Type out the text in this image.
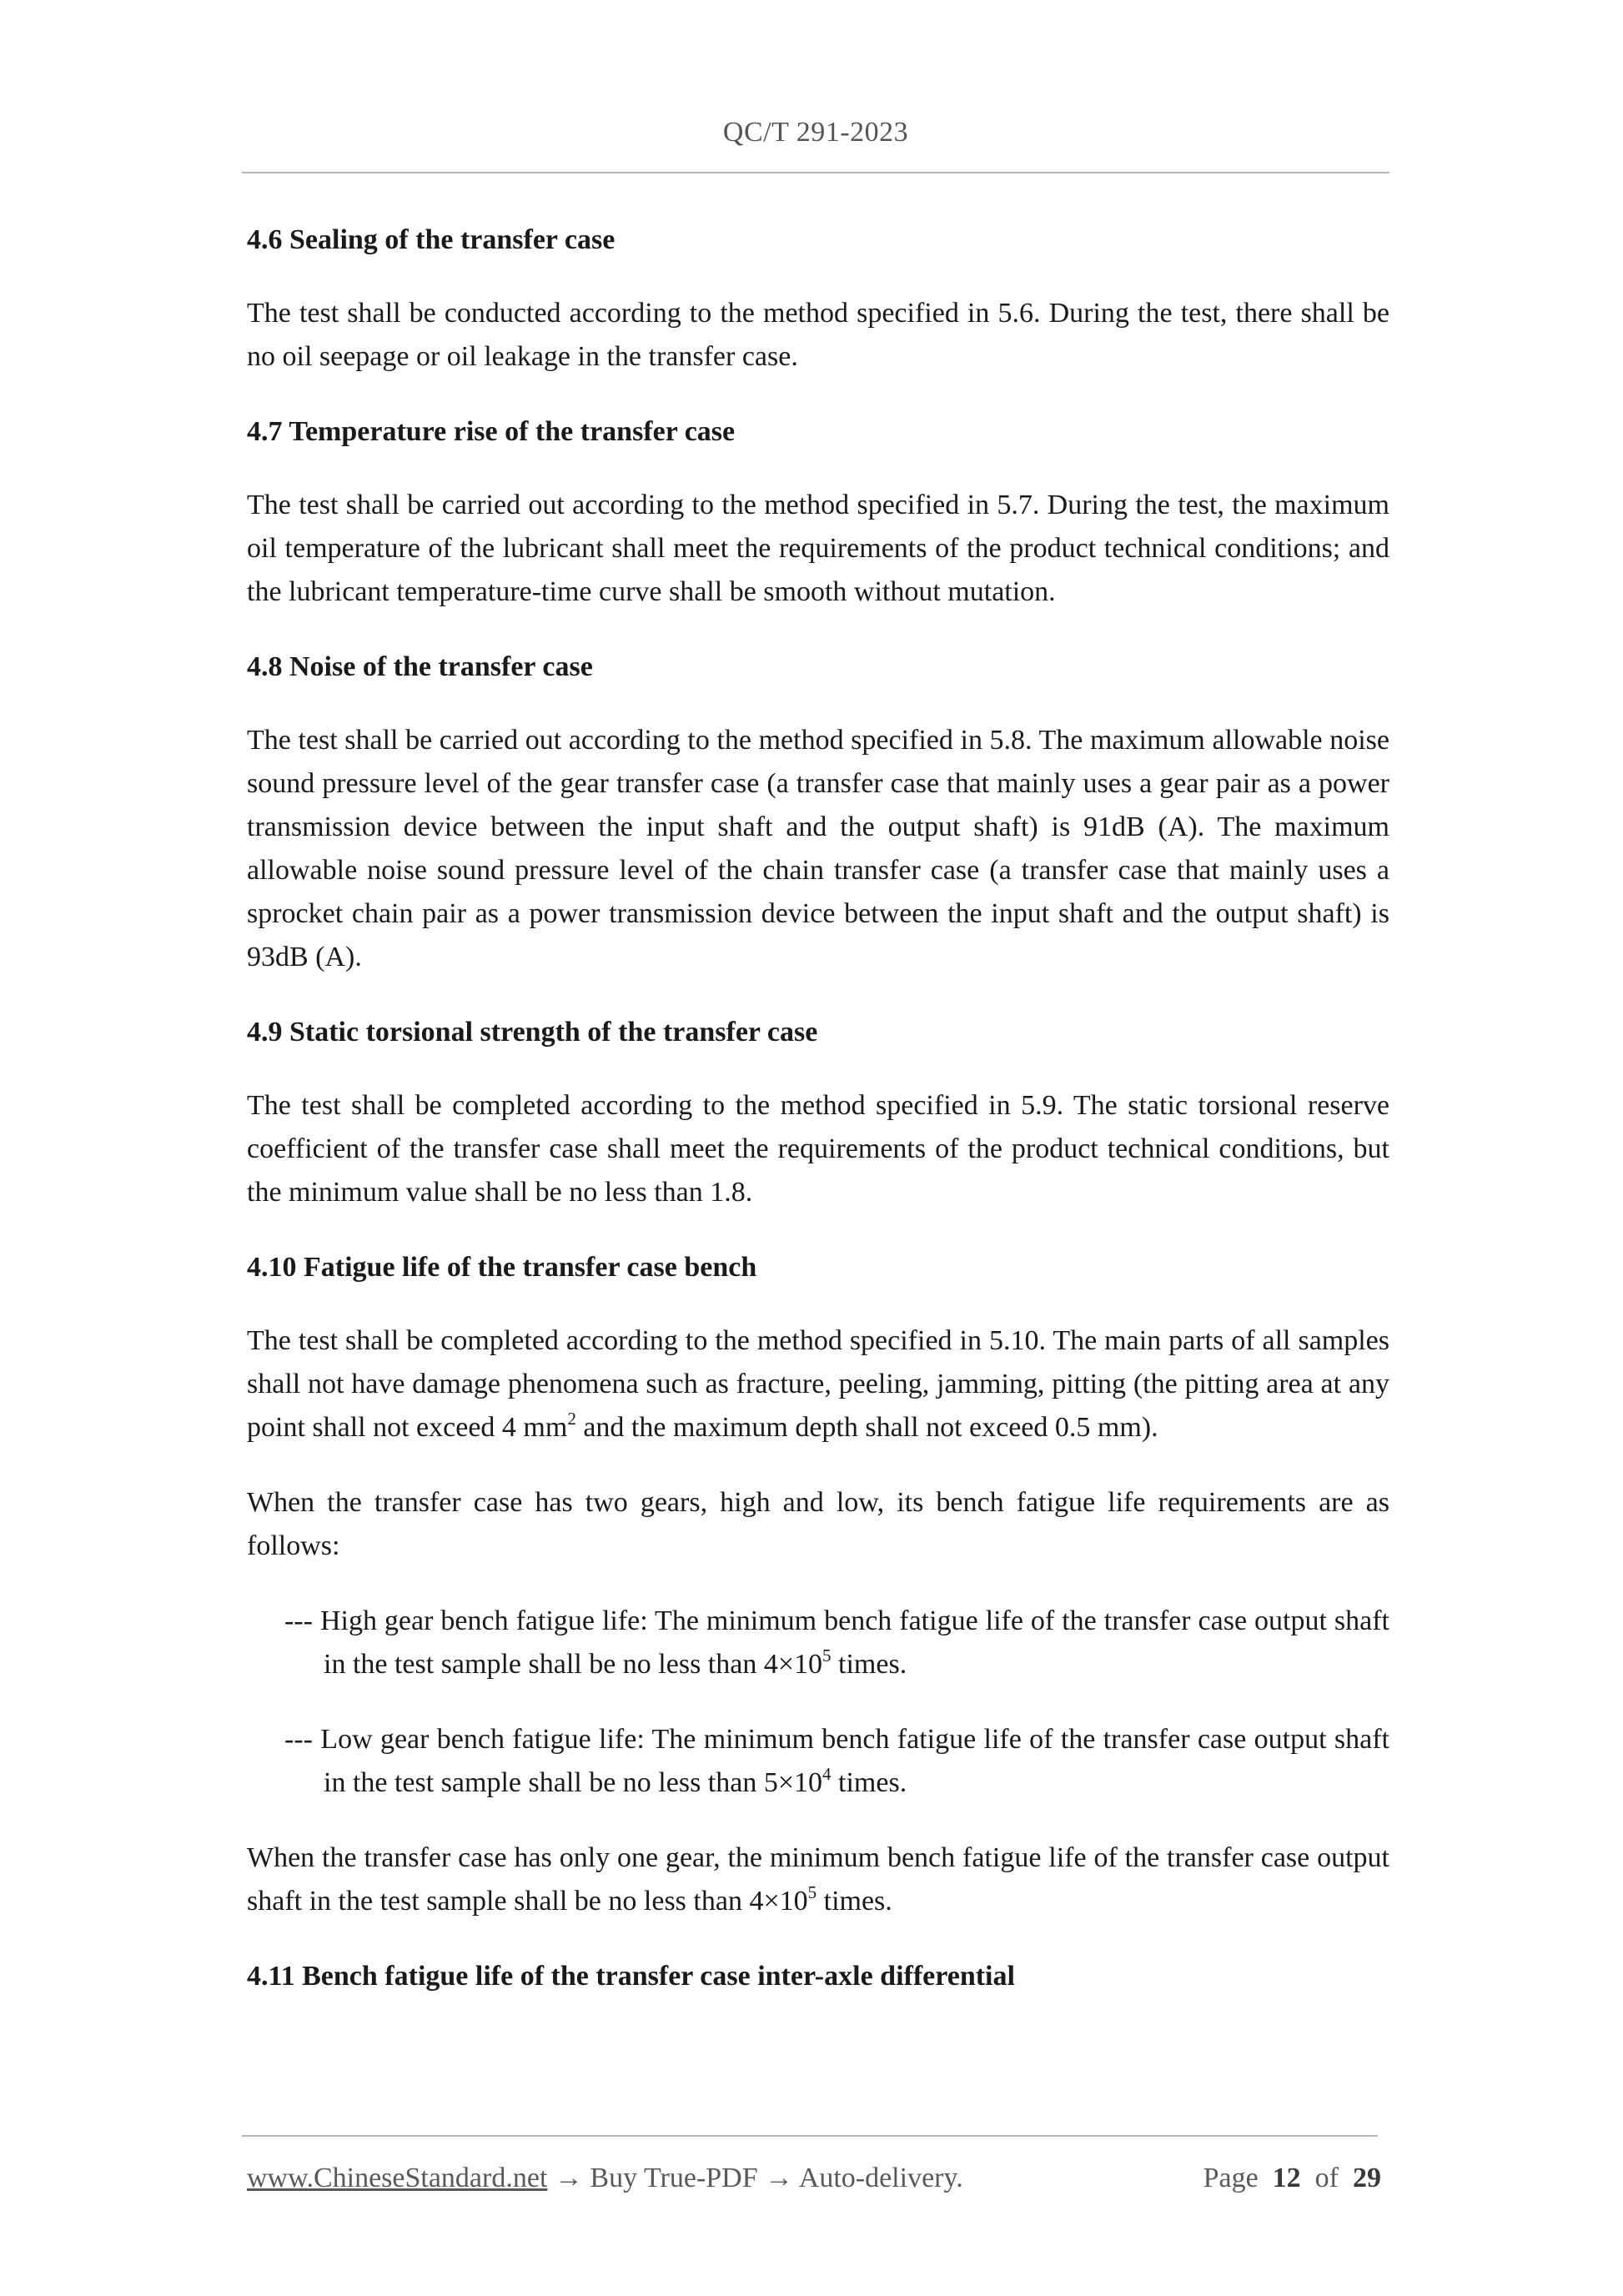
QC/T 291-2023
4.6 Sealing of the transfer case

The test shall be conducted according to the method specified in 5.6. During the test, there shall be no oil seepage or oil leakage in the transfer case.

4.7 Temperature rise of the transfer case

The test shall be carried out according to the method specified in 5.7. During the test, the maximum oil temperature of the lubricant shall meet the requirements of the product technical conditions; and the lubricant temperature-time curve shall be smooth without mutation.

4.8 Noise of the transfer case

The test shall be carried out according to the method specified in 5.8. The maximum allowable noise sound pressure level of the gear transfer case (a transfer case that mainly uses a gear pair as a power transmission device between the input shaft and the output shaft) is 91dB (A). The maximum allowable noise sound pressure level of the chain transfer case (a transfer case that mainly uses a sprocket chain pair as a power transmission device between the input shaft and the output shaft) is 93dB (A).

4.9 Static torsional strength of the transfer case

The test shall be completed according to the method specified in 5.9. The static torsional reserve coefficient of the transfer case shall meet the requirements of the product technical conditions, but the minimum value shall be no less than 1.8.

4.10 Fatigue life of the transfer case bench

The test shall be completed according to the method specified in 5.10. The main parts of all samples shall not have damage phenomena such as fracture, peeling, jamming, pitting (the pitting area at any point shall not exceed 4 $mm^2$ and the maximum depth shall not exceed 0.5 mm).

When the transfer case has two gears, high and low, its bench fatigue life requirements are as follows:

--- High gear bench fatigue life: The minimum bench fatigue life of the transfer case output shaft in the test sample shall be no less than $4\times 10^5$ times.

--- Low gear bench fatigue life: The minimum bench fatigue life of the transfer case output shaft in the test sample shall be no less than $5\times 10^4$ times.

When the transfer case has only one gear, the minimum bench fatigue life of the transfer case output shaft in the test sample shall be no less than $4\times 10^5$ times.

4.11 Bench fatigue life of the transfer case inter-axle differential
www.ChineseStandard.net → Buy True-PDF → Auto-delivery.	Page 12 of 29
